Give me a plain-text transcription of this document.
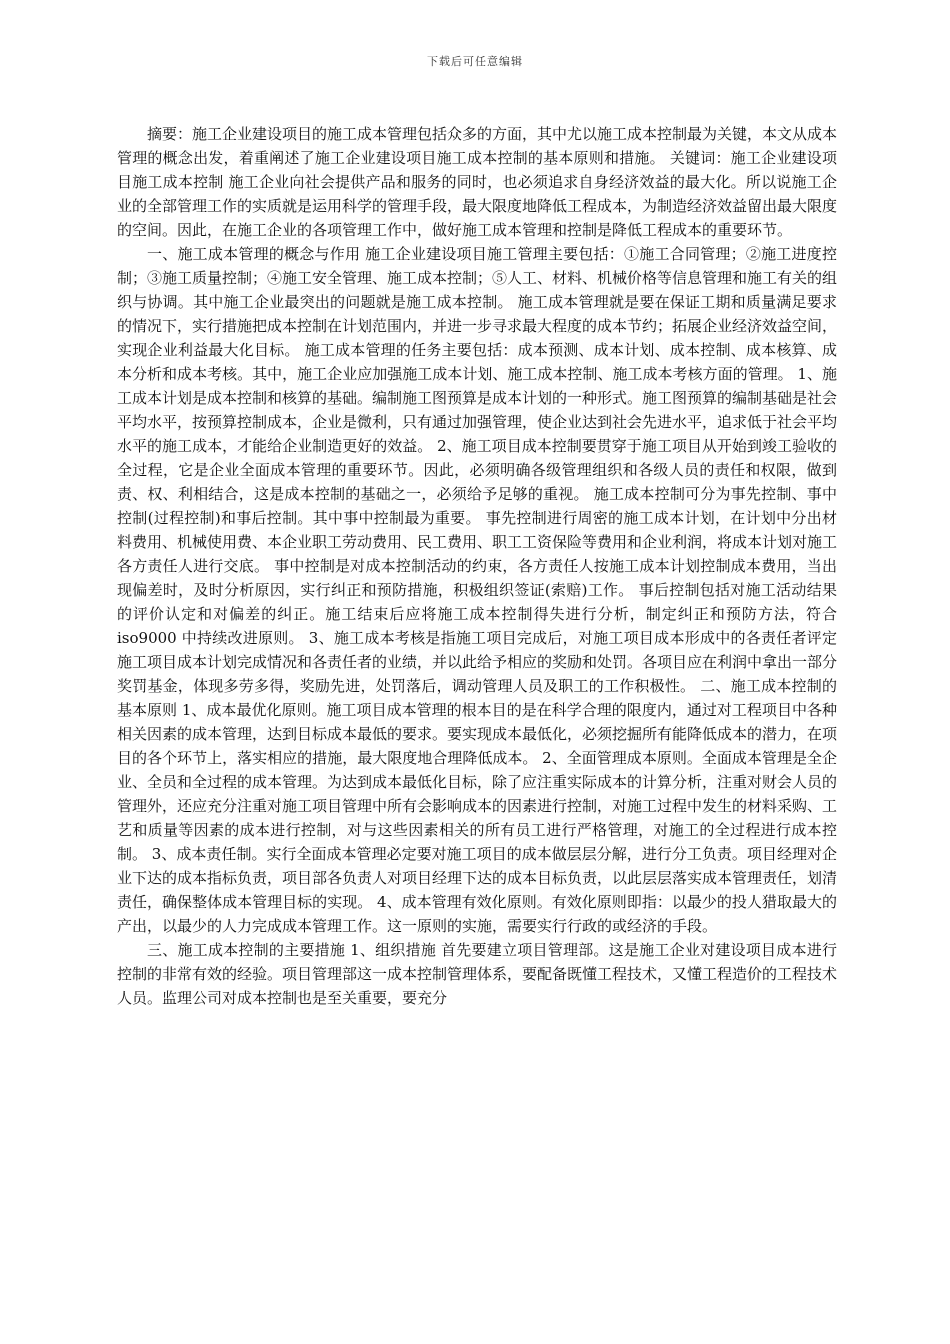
下载后可任意编辑

摘要：施工企业建设项目的施工成本管理包括众多的方面，其中尤以施工成本控制最为关键，本文从成本管理的概念出发，着重阐述了施工企业建设项目施工成本控制的基本原则和措施。 关键词：施工企业建设项目施工成本控制 施工企业向社会提供产品和服务的同时，也必须追求自身经济效益的最大化。所以说施工企业的全部管理工作的实质就是运用科学的管理手段，最大限度地降低工程成本，为制造经济效益留出最大限度的空间。因此，在施工企业的各项管理工作中，做好施工成本管理和控制是降低工程成本的重要环节。

一、施工成本管理的概念与作用 施工企业建设项目施工管理主要包括：①施工合同管理；②施工进度控制；③施工质量控制；④施工安全管理、施工成本控制；⑤人工、材料、机械价格等信息管理和施工有关的组织与协调。其中施工企业最突出的问题就是施工成本控制。 施工成本管理就是要在保证工期和质量满足要求的情况下，实行措施把成本控制在计划范围内，并进一步寻求最大程度的成本节约；拓展企业经济效益空间，实现企业利益最大化目标。 施工成本管理的任务主要包括：成本预测、成本计划、成本控制、成本核算、成本分析和成本考核。其中，施工企业应加强施工成本计划、施工成本控制、施工成本考核方面的管理。 1、施工成本计划是成本控制和核算的基础。编制施工图预算是成本计划的一种形式。施工图预算的编制基础是社会平均水平，按预算控制成本，企业是微利，只有通过加强管理，使企业达到社会先进水平，追求低于社会平均水平的施工成本，才能给企业制造更好的效益。 2、施工项目成本控制要贯穿于施工项目从开始到竣工验收的全过程，它是企业全面成本管理的重要环节。因此，必须明确各级管理组织和各级人员的责任和权限，做到责、权、利相结合，这是成本控制的基础之一，必须给予足够的重视。 施工成本控制可分为事先控制、事中控制(过程控制)和事后控制。其中事中控制最为重要。 事先控制进行周密的施工成本计划，在计划中分出材料费用、机械使用费、本企业职工劳动费用、民工费用、职工工资保险等费用和企业利润，将成本计划对施工各方责任人进行交底。 事中控制是对成本控制活动的约束，各方责任人按施工成本计划控制成本费用，当出现偏差时，及时分析原因，实行纠正和预防措施，积极组织签证(索赔)工作。 事后控制包括对施工活动结果的评价认定和对偏差的纠正。施工结束后应将施工成本控制得失进行分析，制定纠正和预防方法，符合 iso9000 中持续改进原则。 3、施工成本考核是指施工项目完成后，对施工项目成本形成中的各责任者评定施工项目成本计划完成情况和各责任者的业绩，并以此给予相应的奖励和处罚。各项目应在利润中拿出一部分奖罚基金，体现多劳多得，奖励先进，处罚落后，调动管理人员及职工的工作积极性。 二、施工成本控制的基本原则 1、成本最优化原则。施工项目成本管理的根本目的是在科学合理的限度内，通过对工程项目中各种相关因素的成本管理，达到目标成本最低的要求。要实现成本最低化，必须挖掘所有能降低成本的潜力，在项目的各个环节上，落实相应的措施，最大限度地合理降低成本。 2、全面管理成本原则。全面成本管理是全企业、全员和全过程的成本管理。为达到成本最低化目标，除了应注重实际成本的计算分析，注重对财会人员的管理外，还应充分注重对施工项目管理中所有会影响成本的因素进行控制，对施工过程中发生的材料采购、工艺和质量等因素的成本进行控制，对与这些因素相关的所有员工进行严格管理，对施工的全过程进行成本控制。 3、成本责任制。实行全面成本管理必定要对施工项目的成本做层层分解，进行分工负责。项目经理对企业下达的成本指标负责，项目部各负责人对项目经理下达的成本目标负责，以此层层落实成本管理责任，划清责任，确保整体成本管理目标的实现。 4、成本管理有效化原则。有效化原则即指：以最少的投人猎取最大的产出，以最少的人力完成成本管理工作。这一原则的实施，需要实行行政的或经济的手段。

三、施工成本控制的主要措施 1、组织措施 首先要建立项目管理部。这是施工企业对建设项目成本进行控制的非常有效的经验。项目管理部这一成本控制管理体系，要配备既懂工程技术，又懂工程造价的工程技术人员。监理公司对成本控制也是至关重要，要充分
